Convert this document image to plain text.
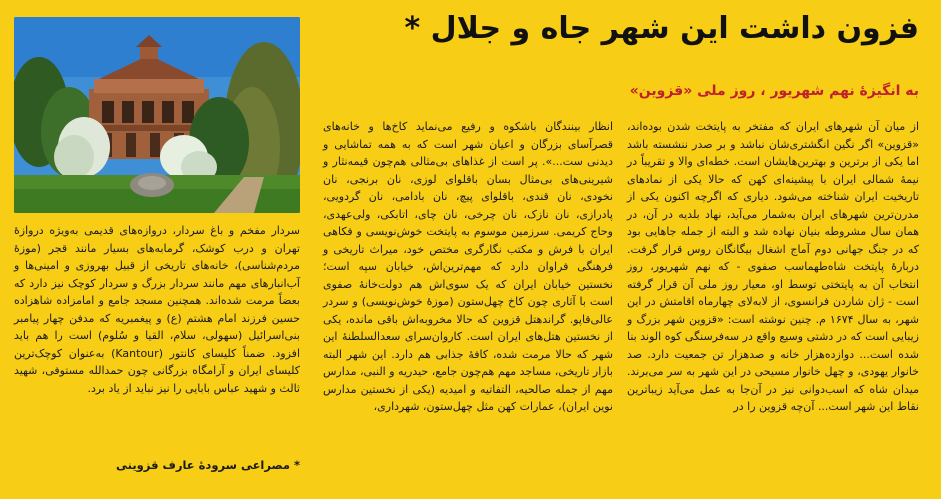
فزون داشت این شهر جاه و جلال *
به انگیزهٔ نهم شهریور ، روز ملی «قزوین»
از میان آن شهرهای ایران که مفتخر به پایتخت شدن بوده‌اند، «قزوین» اگر نگین انگشتری‌شان نباشد و بر صدر ننشسته باشد اما یکی از برترین و بهترین‌هایشان است. خطه‌ای والا و تقریباً در نیمهٔ شمالی ایران با پیشینه‌ای کهن که حالا یکی از نمادهای تاریخیت ایران شناخته می‌شود. دیاری که اگرچه اکنون یکی از مدرن‌ترین شهرهای ایران به‌شمار می‌آید، نهاد بلدیه در آن، در همان سال مشروطه بنیان نهاده شد و البته از جمله جاهایی بود که در جنگ جهانی دوم آماج اشغال بیگانگان روس قرار گرفت. دربارهٔ پایتخت شاه‌طهماسب صفوی - که نهم شهریور، روز انتخاب آن به پایتختی توسط او، معیار روز ملی آن قرار گرفته است - ژان شاردن فرانسوی، از لابه‌لای چهارماه اقامتش در این شهر، به سال ۱۶۷۴ م. چنین نوشته است: «قزوین شهر بزرگ و زیبایی است که در دشتی وسیع واقع در سه‌فرسنگی کوه الوند بنا شده است... دوازده‌هزار خانه و صدهزار تن جمعیت دارد. صد خانوار یهودی، و چهل خانوار مسیحی در این شهر به سر می‌برند. میدان شاه که اسب‌دوانی نیز در آن‌جا به عمل می‌آید زیباترین نقاط این شهر است... آن‌چه قزوین را در
انظار بینندگان باشکوه و رفیع می‌نماید کاخ‌ها و خانه‌های قصرآسای بزرگان و اعیان شهر است که به همه تماشایی و دیدنی ست...». پر است از غذاهای بی‌مثالی هم‌چون قیمه‌نثار و شیرینی‌های بی‌مثال بسان باقلوای لوزی، نان برنجی، نان نخودی، نان قندی، باقلوای پیچ، نان بادامی، نان گردویی، پادرازی، نان نازک، نان چرخی، نان چای، اتابکی، ولی‌عهدی، وحاج کریمی. سرزمین موسوم به پایتخت خوش‌نویسی و فکاهی ایران با فرش و مکتب نگارگری مختص خود، میراث تاریخی و فرهنگی فراوان دارد که مهم‌ترین‌اش، خیابان سپه است؛ نخستین خیابان ایران که یک سوی‌اش هم دولت‌خانهٔ صفوی است با آثاری چون کاخ چهل‌ستون (موزهٔ خوش‌نویسی) و سردر عالی‌قاپو. گراندهتل قزوین که حالا مخروبه‌اش باقی مانده، یکی از نخستین هتل‌های ایران است. کاروان‌سرای سعدالسلطنهٔ این شهر که حالا مرمت شده، کافهٔ جذابی هم دارد. این شهر البته بازار تاریخی، مساجد مهم هم‌چون جامع، حیدریه و النبی، مدارس مهم از جمله صالحیه، التفاتیه و امیدیه (یکی از نخستین مدارس نوین ایران)، عمارات کهن مثل چهل‌ستون، شهرداری،
سردار مفخم و باغ سردار، دروازه‌های قدیمی به‌ویژه دروازهٔ تهران و درب کوشک، گرمابه‌های بسیار مانند قجر (موزهٔ مردم‌شناسی)، خانه‌های تاریخی از قبیل بهروزی و امینی‌ها و آب‌انبارهای مهم مانند سردار بزرگ و سردار کوچک نیز دارد که بعضاً مرمت شده‌اند. همچنین مسجد جامع و امامزاده شاهزاده حسین فرزند امام هشتم (ع) و پیغمبریه که مدفن چهار پیامبر بنی‌اسرائیل (سهولی، سلام، القیا و سُلوم) است را هم باید افزود. ضمناً کلیسای کانتور (Kantour) به‌عنوان کوچک‌ترین کلیسای ایران و آرامگاه بزرگانی چون حمدالله مستوفی، شهید ثالث و شهید عباس بابایی را نیز نباید از یاد برد.
* مصراعی سرودهٔ عارف قزوینی
